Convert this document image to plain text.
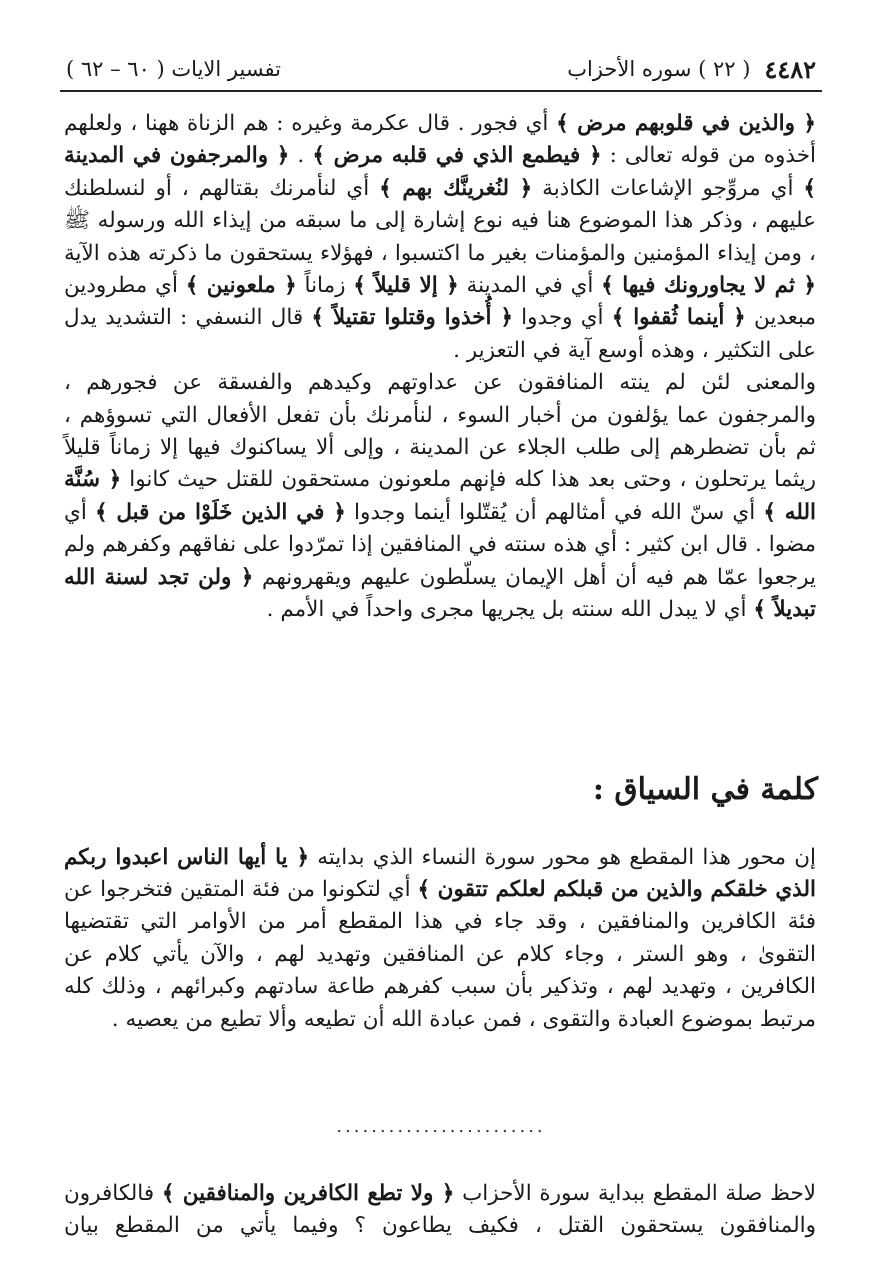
٤٤٨٢
( ٢٢ ) سوره الأحزاب
تفسير الايات ( ٦٠ – ٦٢ )

﴿ والذين في قلوبهم مرض ﴾ أي فجور . قال عكرمة وغيره : هم الزناة ههنا ، ولعلهم أخذوه من قوله تعالى : ﴿ فيطمع الذي في قلبه مرض ﴾ . ﴿ والمرجفون في المدينة ﴾ أي مروِّجو الإشاعات الكاذبة ﴿ لنُغرينَّك بهم ﴾ أي لنأمرنك بقتالهم ، أو لنسلطنك عليهم ، وذكر هذا الموضوع هنا فيه نوع إشارة إلى ما سبقه من إيذاء الله ورسوله ﷺ ، ومن إيذاء المؤمنين والمؤمنات بغير ما اكتسبوا ، فهؤلاء يستحقون ما ذكرته هذه الآية ﴿ ثم لا يجاورونك فيها ﴾ أي في المدينة ﴿ إلا قليلاً ﴾ زماناً ﴿ ملعونين ﴾ أي مطرودين مبعدين ﴿ أينما ثُقفوا ﴾ أي وجدوا ﴿ أُخذوا وقتلوا تقتيلاً ﴾ قال النسفي : التشديد يدل على التكثير ، وهذه أوسع آية في التعزير .

والمعنى لئن لم ينته المنافقون عن عداوتهم وكيدهم والفسقة عن فجورهم ، والمرجفون عما يؤلفون من أخبار السوء ، لنأمرنك بأن تفعل الأفعال التي تسوؤهم ، ثم بأن تضطرهم إلى طلب الجلاء عن المدينة ، وإلى ألا يساكنوك فيها إلا زماناً قليلاً ريثما يرتحلون ، وحتى بعد هذا كله فإنهم ملعونون مستحقون للقتل حيث كانوا ﴿ سُنَّة الله ﴾ أي سنّ الله في أمثالهم أن يُقتّلوا أينما وجدوا ﴿ في الذين خَلَوْا من قبل ﴾ أي مضوا . قال ابن كثير : أي هذه سنته في المنافقين إذا تمرّدوا على نفاقهم وكفرهم ولم يرجعوا عمّا هم فيه أن أهل الإيمان يسلّطون عليهم ويقهرونهم ﴿ ولن تجد لسنة الله تبديلاً ﴾ أي لا يبدل الله سنته بل يجريها مجرى واحداً في الأمم .

كلمة في السياق :

إن محور هذا المقطع هو محور سورة النساء الذي بدايته ﴿ يا أيها الناس اعبدوا ربكم الذي خلقكم والذين من قبلكم لعلكم تتقون ﴾ أي لتكونوا من فئة المتقين فتخرجوا عن فئة الكافرين والمنافقين ، وقد جاء في هذا المقطع أمر من الأوامر التي تقتضيها التقوىٰ ، وهو الستر ، وجاء كلام عن المنافقين وتهديد لهم ، والآن يأتي كلام عن الكافرين ، وتهديد لهم ، وتذكير بأن سبب كفرهم طاعة سادتهم وكبرائهم ، وذلك كله مرتبط بموضوع العبادة والتقوى ، فمن عبادة الله أن تطيعه وألا تطيع من يعصيه .

........................

لاحظ صلة المقطع ببداية سورة الأحزاب ﴿ ولا تطع الكافرين والمنافقين ﴾ فالكافرون والمنافقون يستحقون القتل ، فكيف يطاعون ؟ وفيما يأتي من المقطع بيان
